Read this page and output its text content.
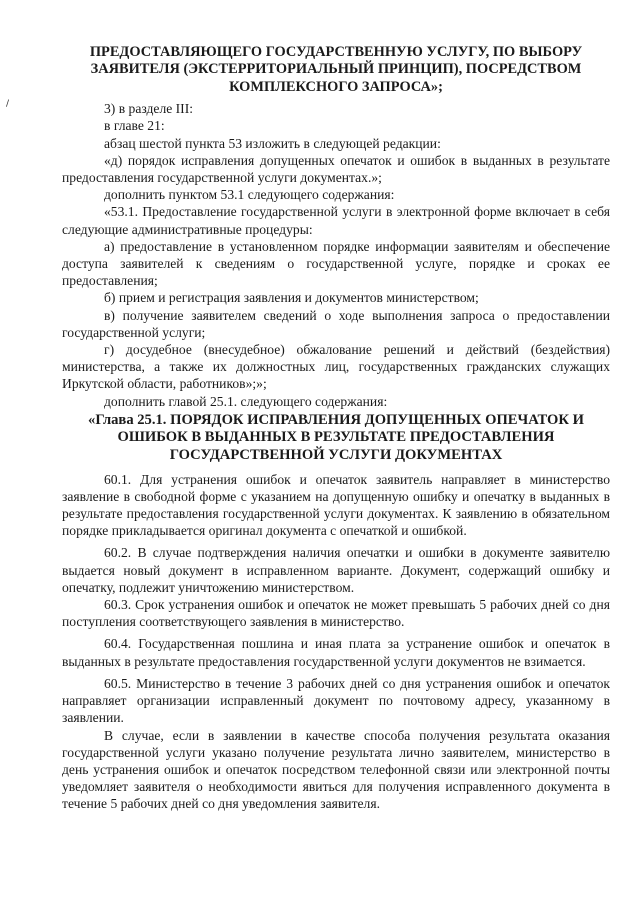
/
ПРЕДОСТАВЛЯЮЩЕГО ГОСУДАРСТВЕННУЮ УСЛУГУ, ПО ВЫБОРУ ЗАЯВИТЕЛЯ (ЭКСТЕРРИТОРИАЛЬНЫЙ ПРИНЦИП), ПОСРЕДСТВОМ КОМПЛЕКСНОГО ЗАПРОСА»;

3) в разделе III:

в главе 21:

абзац шестой пункта 53 изложить в следующей редакции:

«д) порядок исправления допущенных опечаток и ошибок в выданных в результате предоставления государственной услуги документах.»;

дополнить пунктом 53.1 следующего содержания:

«53.1. Предоставление государственной услуги в электронной форме включает в себя следующие административные процедуры:

а) предоставление в установленном порядке информации заявителям и обеспечение доступа заявителей к сведениям о государственной услуге, порядке и сроках ее предоставления;

б) прием и регистрация заявления и документов министерством;

в) получение заявителем сведений о ходе выполнения запроса о предоставлении государственной услуги;

г) досудебное (внесудебное) обжалование решений и действий (бездействия) министерства, а также их должностных лиц, государственных гражданских служащих Иркутской области, работников»;»;

дополнить главой 25.1. следующего содержания:

«Глава 25.1. ПОРЯДОК ИСПРАВЛЕНИЯ ДОПУЩЕННЫХ ОПЕЧАТОК И ОШИБОК В ВЫДАННЫХ В РЕЗУЛЬТАТЕ ПРЕДОСТАВЛЕНИЯ ГОСУДАРСТВЕННОЙ УСЛУГИ ДОКУМЕНТАХ

60.1. Для устранения ошибок и опечаток заявитель направляет в министерство заявление в свободной форме с указанием на допущенную ошибку и опечатку в выданных в результате предоставления государственной услуги документах. К заявлению в обязательном порядке прикладывается оригинал документа с опечаткой и ошибкой.

60.2. В случае подтверждения наличия опечатки и ошибки в документе заявителю выдается новый документ в исправленном варианте. Документ, содержащий ошибку и опечатку, подлежит уничтожению министерством.

60.3. Срок устранения ошибок и опечаток не может превышать 5 рабочих дней со дня поступления соответствующего заявления в министерство.

60.4. Государственная пошлина и иная плата за устранение ошибок и опечаток в выданных в результате предоставления государственной услуги документов не взимается.

60.5. Министерство в течение 3 рабочих дней со дня устранения ошибок и опечаток направляет организации исправленный документ по почтовому адресу, указанному в заявлении.

В случае, если в заявлении в качестве способа получения результата оказания государственной услуги указано получение результата лично заявителем, министерство в день устранения ошибок и опечаток посредством телефонной связи или электронной почты уведомляет заявителя о необходимости явиться для получения исправленного документа в течение 5 рабочих дней со дня уведомления заявителя.
